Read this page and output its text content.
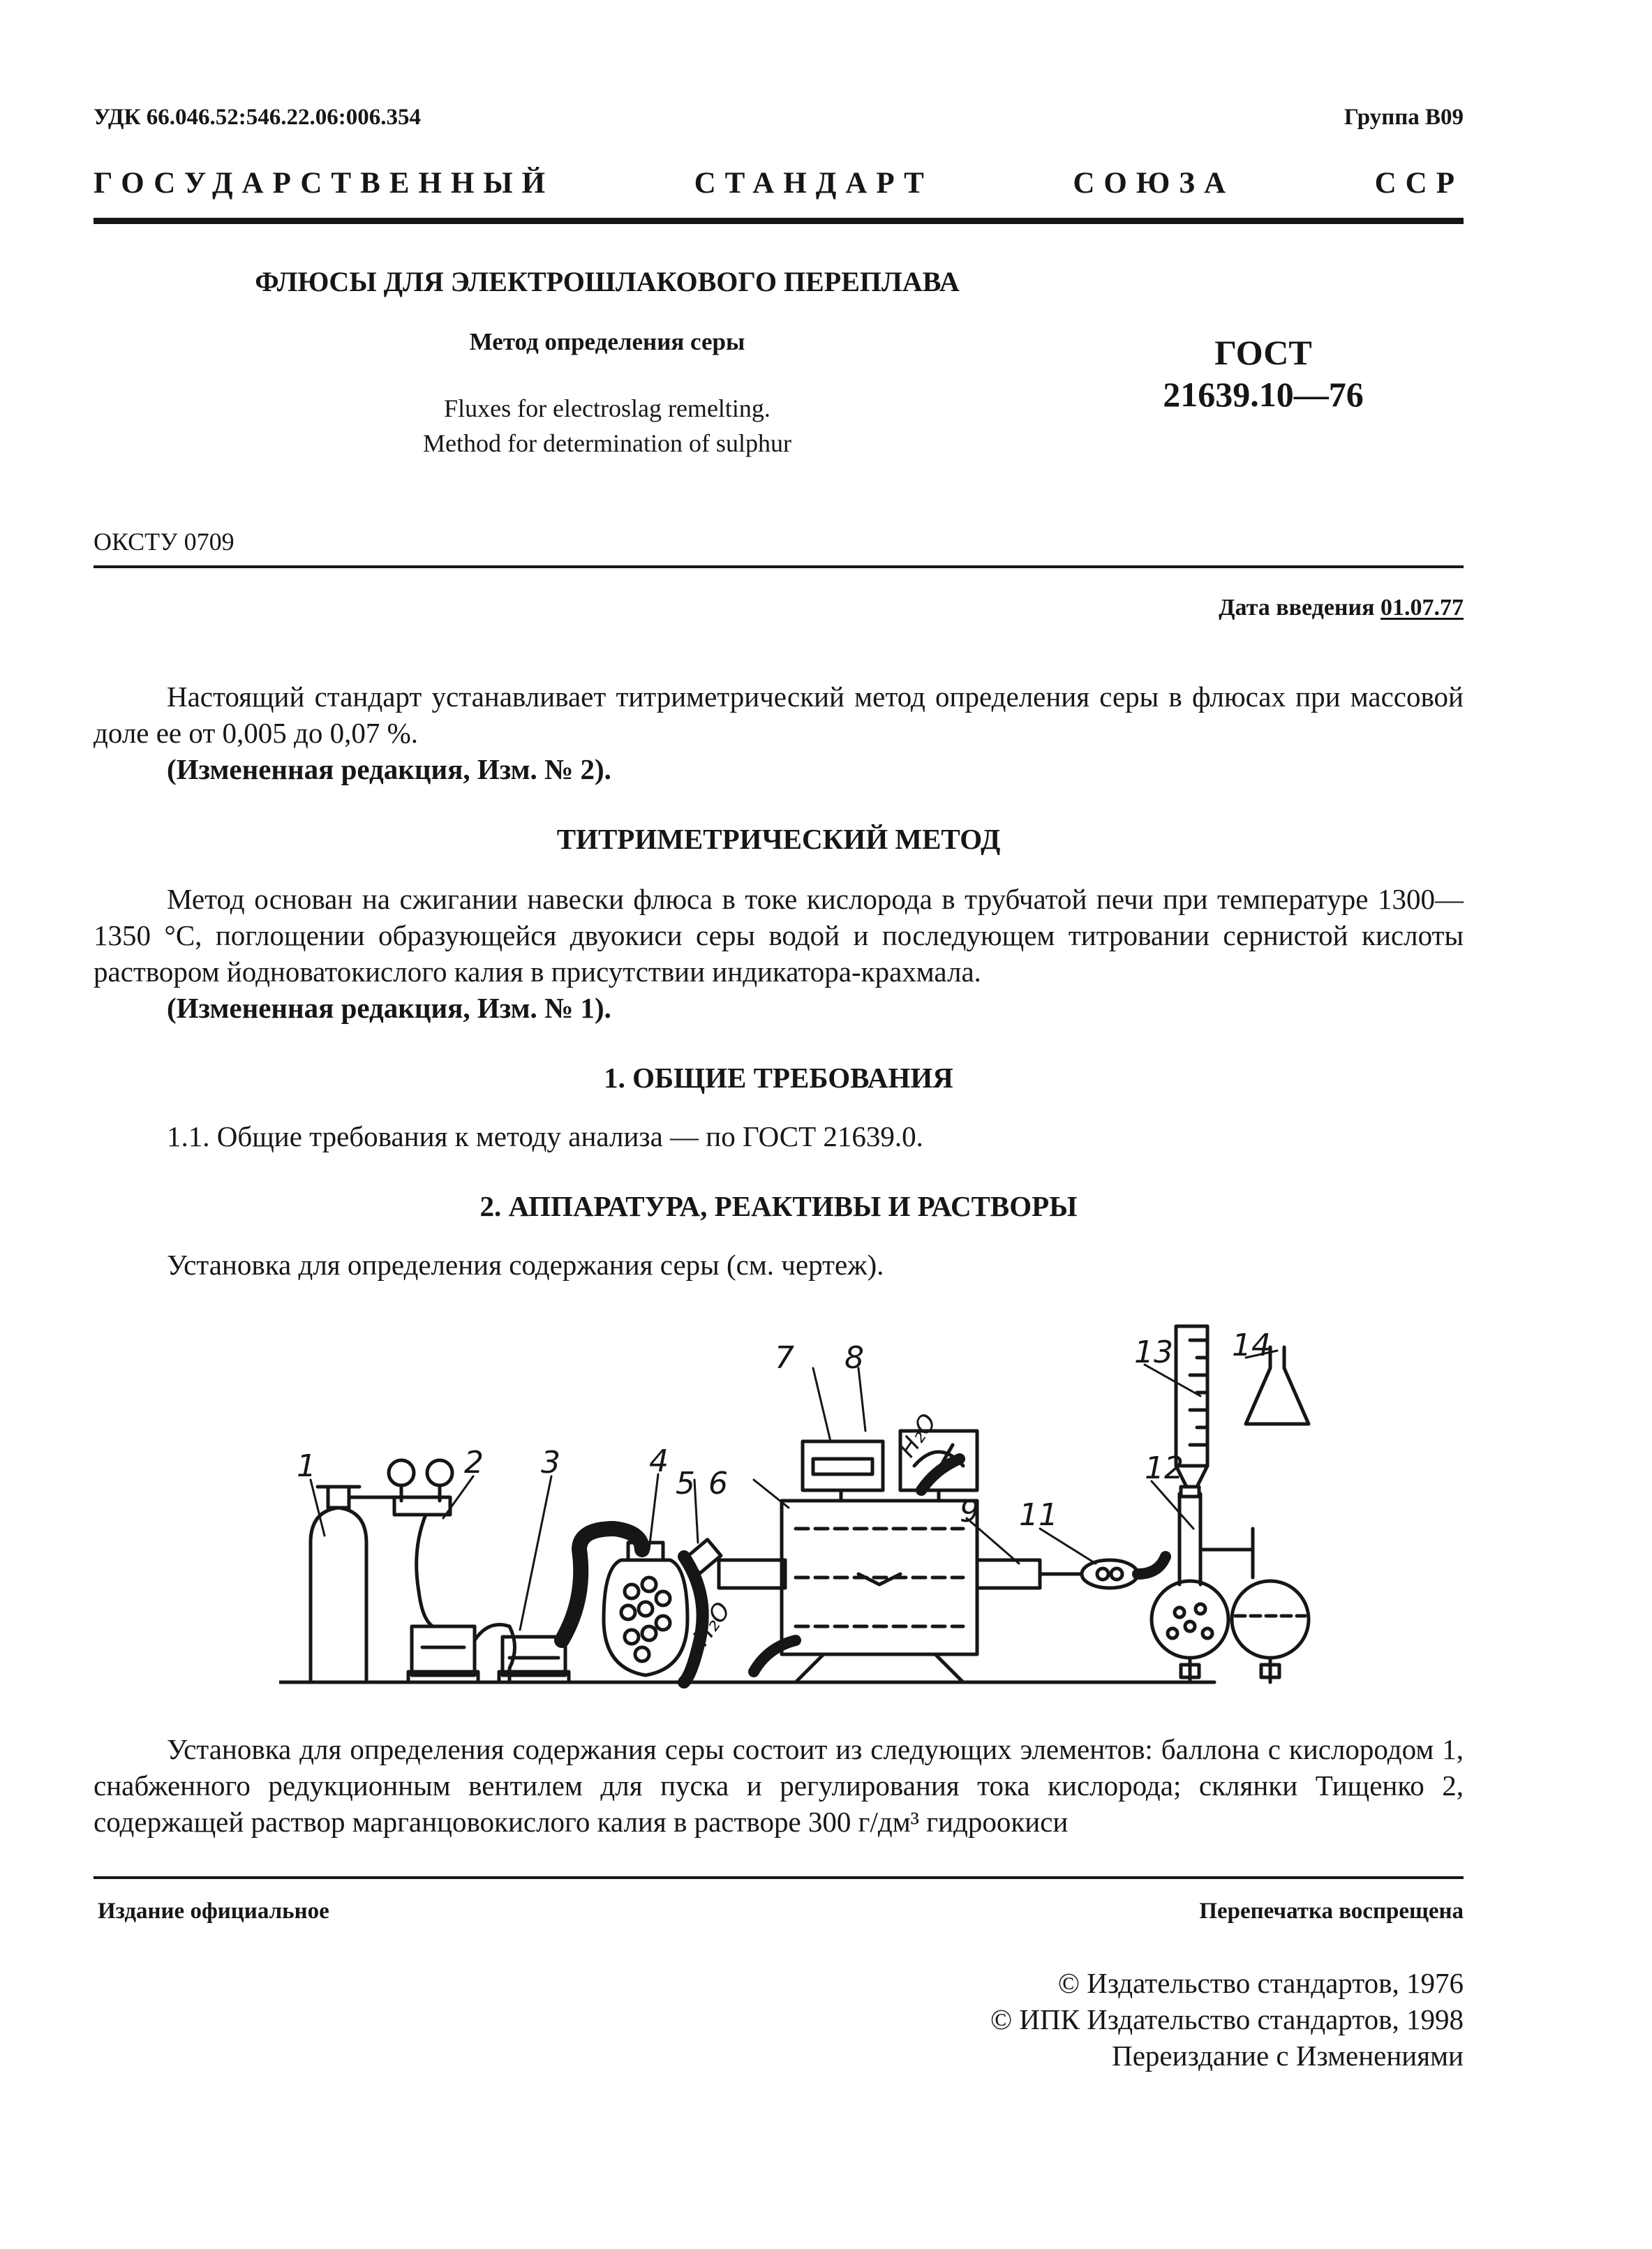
УДК 66.046.52:546.22.06:006.354	Группа В09
ГОСУДАРСТВЕННЫЙ	СТАНДАРТ	СОЮЗА	ССР
ФЛЮСЫ ДЛЯ ЭЛЕКТРОШЛАКОВОГО ПЕРЕПЛАВА
Метод определения серы
Fluxes for electroslag remelting.
Method for determination of sulphur
ГОСТ
21639.10—76
ОКСТУ 0709
Дата введения 01.07.77
Настоящий стандарт устанавливает титриметрический метод определения серы в флюсах при массовой доле ее от 0,005 до 0,07 %.
(Измененная редакция, Изм. № 2).
ТИТРИМЕТРИЧЕСКИЙ МЕТОД
Метод основан на сжигании навески флюса в токе кислорода в трубчатой печи при температуре 1300—1350 °С, поглощении образующейся двуокиси серы водой и последующем титровании сернистой кислоты раствором йодноватокислого калия в присутствии индикатора-крахмала.
(Измененная редакция, Изм. № 1).
1. ОБЩИЕ ТРЕБОВАНИЯ
1.1. Общие требования к методу анализа — по ГОСТ 21639.0.
2. АППАРАТУРА, РЕАКТИВЫ И РАСТВОРЫ
Установка для определения содержания серы (см. чертеж).
1	2 3	4
5 6
7 8
9 11
12
13 14
H₂O
H₂O
Установка для определения содержания серы состоит из следующих элементов: баллона с кислородом 1, снабженного редукционным вентилем для пуска и регулирования тока кислорода; склянки Тищенко 2, содержащей раствор марганцовокислого калия в растворе 300 г/дм³ гидроокиси
Издание официальное	Перепечатка воспрещена
© Издательство стандартов, 1976
© ИПК Издательство стандартов, 1998
Переиздание с Изменениями
